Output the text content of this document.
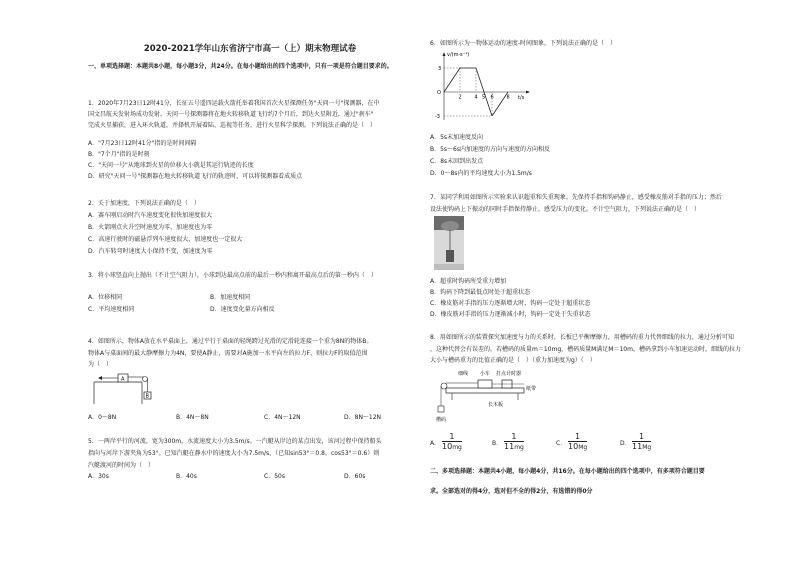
2020-2021学年山东省济宁市高一（上）期末物理试卷
一、单项选择题：本题共8小题，每小题3分，共24分。在每小题给出的四个选项中，只有一项是符合题目要求的。
1．2020年7月23日12时41分，长征五号遥四运载火箭托举着我国首次火星探测任务"天问一号"探测器，在中
国文昌航天发射场成功发射。天问一号探测器将在地火转移轨道飞行约7个月后，到达火星附近，通过"刹车"
完成火星捕获，进入环火轨道，并择机开展着陆、巡视等任务，进行火星科学探测。下列说法正确的是（　）
A．"7月23日12时41分"指的是时间间隔
B．"7个月"指的是时刻
C．"天问一号"从地球到火星的位移大小就是其运行轨迹的长度
D．研究"天问一号"探测器在地火转移轨道飞行的轨迹时，可以将探测器看成质点
2．关于加速度，下列说法正确的是（　）
A．赛车刚启动时汽车速度变化很快加速度很大
B．火箭刚点火升空时速度为零，加速度也为零
C．高速行驶时的磁悬浮列车速度很大，加速度也一定很大
D．汽车转弯时速度大小保持不变，加速度为零
3．将小球竖直向上抛出（不计空气阻力），小球到达最高点前的最后一秒内和离开最高点后的第一秒内（　）
A．位移相同	B．加速度相同
C．平均速度相同	D．速度变化量方向相反
4．如图所示，物体A放在水平桌面上，通过平行于桌面的轻绳跨过光滑的定滑轮连接一个重为8N的物体B。
物体A与桌面间的最大静摩擦力为4N，要使A静止，需要对A施加一水平向左的拉力F，则拉力F的取值范围
为（　）
A
B
A．0～8N	B．4N～8N	C．4N～12N	D．8N～12N
5．一两岸平行的河流，宽为300m，水流速度大小为3.5m/s。一汽艇从岸边的某点出发，该河过程中保持船头
指向与河岸下游夹角为53°。已知汽艇在静水中的速度大小为7.5m/s，（已知sin53°＝0.8，cos53°＝0.6）则
汽艇渡河的时间为（　）
A．30s	B．40s	C．50s	D．60s
6．如图所示为一物体运动的速度-时间图象，下列说法正确的是（　）
v/(m·s⁻¹)
t/s
3
O
-3
2	4 5 6	8
A．5s末加速度反向
B．5s～6s内加速度的方向与速度的方向相反
C．8s末回到出发点
D．0～8s内的平均速度大小为1.5m/s
7．某同学利用如图所示实验来认识超重和失重现象。先保持手指和钩码静止，感受橡皮筋对手指的压力；然后
设法使钩码上下振动的同时手指保持静止，感受压力的变化。不计空气阻力，下列说法正确的是（　）
A．超重时钩码所受重力增加
B．钩码下降到最低点时处于超重状态
C．橡皮筋对手指的压力逐渐增大时，钩码一定处于超重状态
D．橡皮筋对手指的压力逐渐减小时，钩码一定处于失重状态
8．用如图所示的装置探究加速度与力的关系时，长板已平衡摩擦力，用槽码的重力代替细线的拉力，通过分析可知
，这种代替会有误差的。若槽码的质量m＝10mg，槽码质量M满足M＝10m，槽码拿到小车加速运动时，细线的拉力
大小与槽码重力的比值正确的是（　）（重力加速度为g）（　）
细线 小车 打点计时器
纸带
长木板
槽码
A． $\frac{1}{10mg}$	B． $\frac{1}{11mg}$	C． $\frac{1}{10Mg}$	D． $\frac{1}{11Mg}$
二、多项选择题：本题共4小题，每小题4分，共16分。在每小题给出的四个选项中，有多项符合题目要
求。全部选对的得4分，选对但不全的得2分，有选错的得0分
